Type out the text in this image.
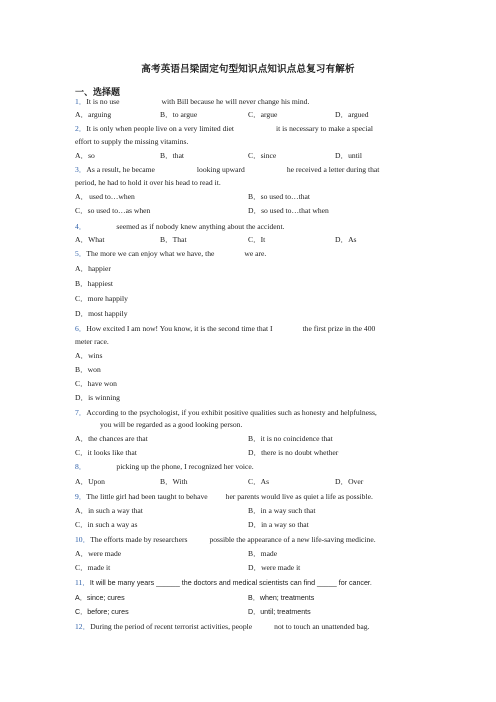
高考英语吕梁固定句型知识点知识点总复习有解析
一、选择题
1．It is no use	with Bill because he will never change his mind.
A．arguing	B．to argue	C．argue	D．argued
2．It is only when people live on a very limited diet	it is necessary to make a special
effort to supply the missing vitamins.
A．so	B．that	C．since	D．until
3．As a result, he became	looking upward	he received a letter during that
period, he had to hold it over his head to read it.
A．used to…when	B．so used to…that
C．so used to…as when	D．so used to…that when
4．	seemed as if nobody knew anything about the accident.
A．What	B．That	C．It	D．As
5．The more we can enjoy what we have, the	we are.
A．happier
B．happiest
C．more happily
D．most happily
6．How excited I am now! You know, it is the second time that I	the first prize in the 400
meter race.
A．wins
B．won
C．have won
D．is winning
7．According to the psychologist, if you exhibit positive qualities such as honesty and helpfulness,
you will be regarded as a good looking person.
A．the chances are that	B．it is no coincidence that
C．it looks like that	D．there is no doubt whether
8．	picking up the phone, I recognized her voice.
A．Upon	B．With	C．As	D．Over
9．The little girl had been taught to behave her parents would live as quiet a life as possible.
A．in such a way that	B．in a way such that
C．in such a way as	D．in a way so that
10．The efforts made by researchers	possible the appearance of a new life-saving medicine.
A．were made	B．made
C．made it	D．were made it
11．It will be many years ______ the doctors and medical scientists can find _____ for cancer.
A．since; cures	B．when; treatments
C．before; cures	D．until; treatments
12．During the period of recent terrorist activities, people	not to touch an unattended bag.
